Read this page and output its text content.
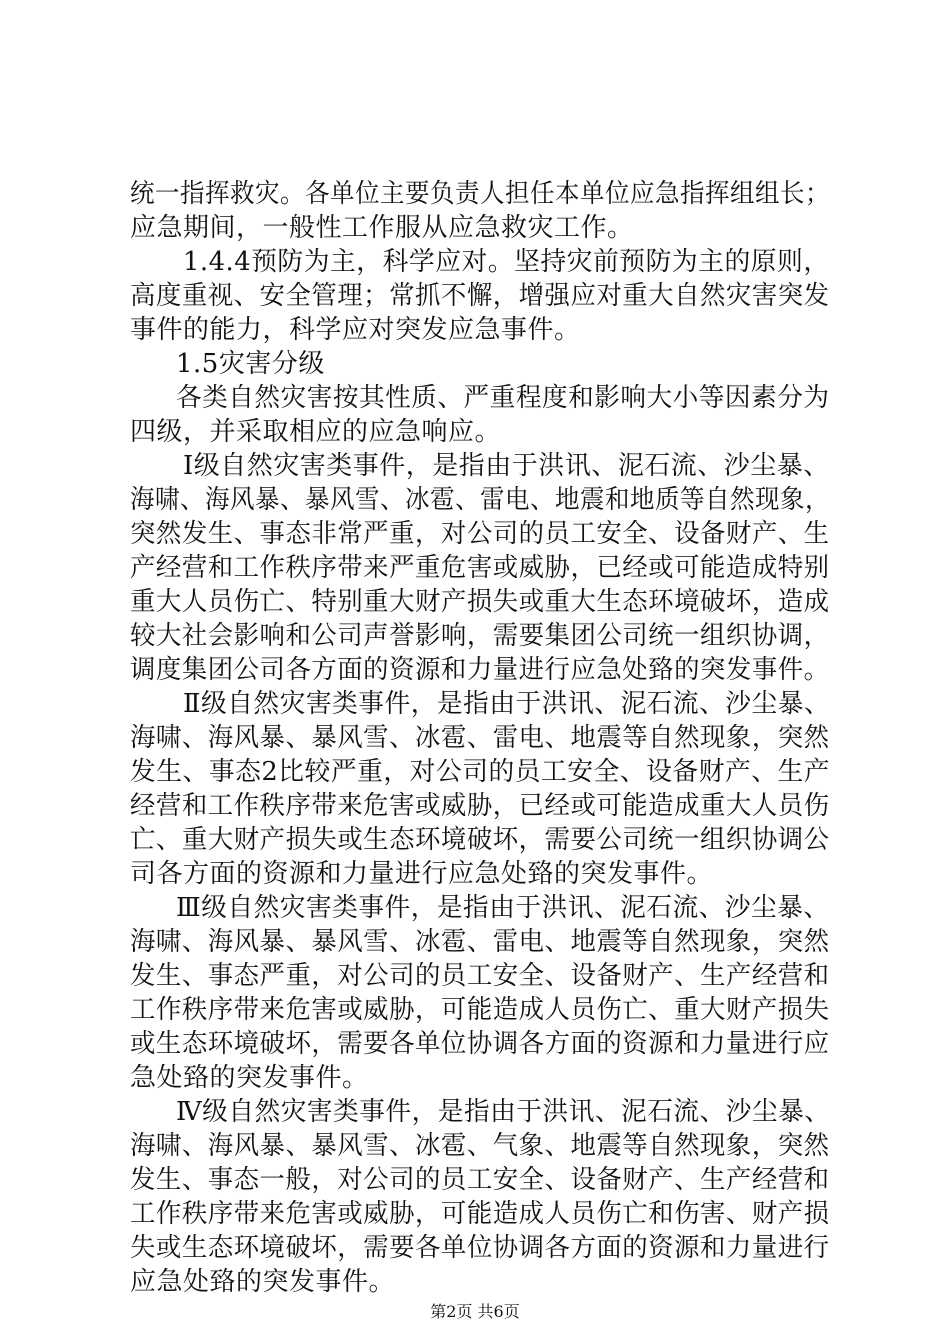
统一指挥救灾。各单位主要负责人担任本单位应急指挥组组长；
应急期间，一般性工作服从应急救灾工作。
1.4.4预防为主，科学应对。坚持灾前预防为主的原则，
高度重视、安全管理；常抓不懈，增强应对重大自然灾害突发
事件的能力，科学应对突发应急事件。
1.5灾害分级
各类自然灾害按其性质、严重程度和影响大小等因素分为
四级，并采取相应的应急响应。
Ⅰ级自然灾害类事件，是指由于洪讯、泥石流、沙尘暴、
海啸、海风暴、暴风雪、冰雹、雷电、地震和地质等自然现象，
突然发生、事态非常严重，对公司的员工安全、设备财产、生
产经营和工作秩序带来严重危害或威胁，已经或可能造成特别
重大人员伤亡、特别重大财产损失或重大生态环境破坏，造成
较大社会影响和公司声誉影响，需要集团公司统一组织协调，
调度集团公司各方面的资源和力量进行应急处臵的突发事件。
Ⅱ级自然灾害类事件，是指由于洪讯、泥石流、沙尘暴、
海啸、海风暴、暴风雪、冰雹、雷电、地震等自然现象，突然
发生、事态2比较严重，对公司的员工安全、设备财产、生产
经营和工作秩序带来危害或威胁，已经或可能造成重大人员伤
亡、重大财产损失或生态环境破坏，需要公司统一组织协调公
司各方面的资源和力量进行应急处臵的突发事件。
Ⅲ级自然灾害类事件，是指由于洪讯、泥石流、沙尘暴、
海啸、海风暴、暴风雪、冰雹、雷电、地震等自然现象，突然
发生、事态严重，对公司的员工安全、设备财产、生产经营和
工作秩序带来危害或威胁，可能造成人员伤亡、重大财产损失
或生态环境破坏，需要各单位协调各方面的资源和力量进行应
急处臵的突发事件。
Ⅳ级自然灾害类事件，是指由于洪讯、泥石流、沙尘暴、
海啸、海风暴、暴风雪、冰雹、气象、地震等自然现象，突然
发生、事态一般，对公司的员工安全、设备财产、生产经营和
工作秩序带来危害或威胁，可能造成人员伤亡和伤害、财产损
失或生态环境破坏，需要各单位协调各方面的资源和力量进行
应急处臵的突发事件。
第2页 共6页
